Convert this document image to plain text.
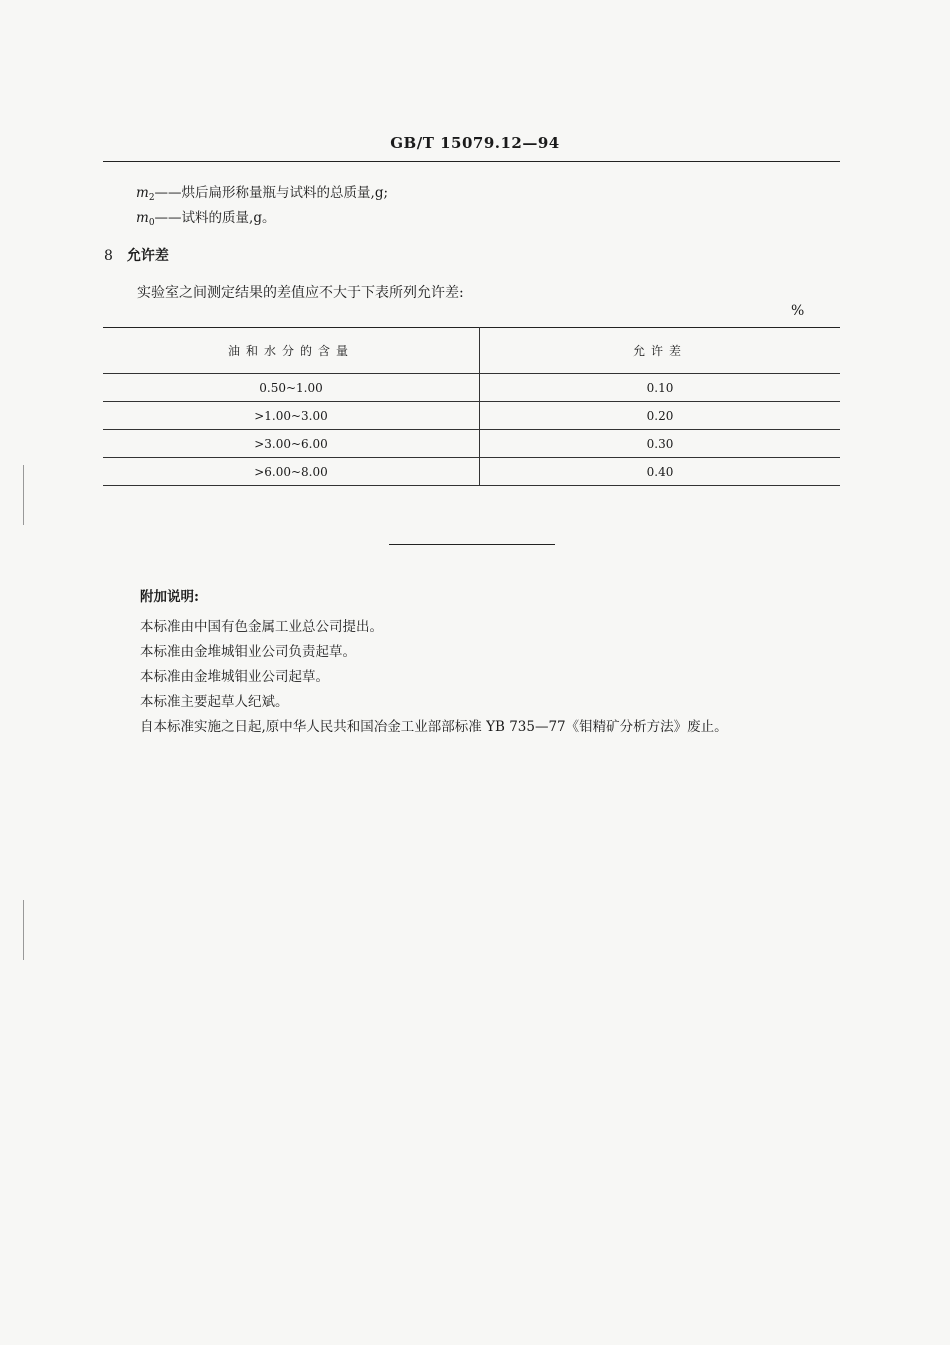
GB/T 15079.12—94
$m_2——$烘后扁形称量瓶与试料的总质量,g;
$m_0——$试料的质量,g。
8 允许差
实验室之间测定结果的差值应不大于下表所列允许差:
%
油和水分的含量	允许差
0.50~1.00	0.10
>1.00~3.00	0.20
>3.00~6.00	0.30
>6.00~8.00	0.40
附加说明:
本标准由中国有色金属工业总公司提出。
本标准由金堆城钼业公司负责起草。
本标准由金堆城钼业公司起草。
本标准主要起草人纪斌。
自本标准实施之日起,原中华人民共和国冶金工业部部标准 YB 735—77《钼精矿分析方法》废止。
